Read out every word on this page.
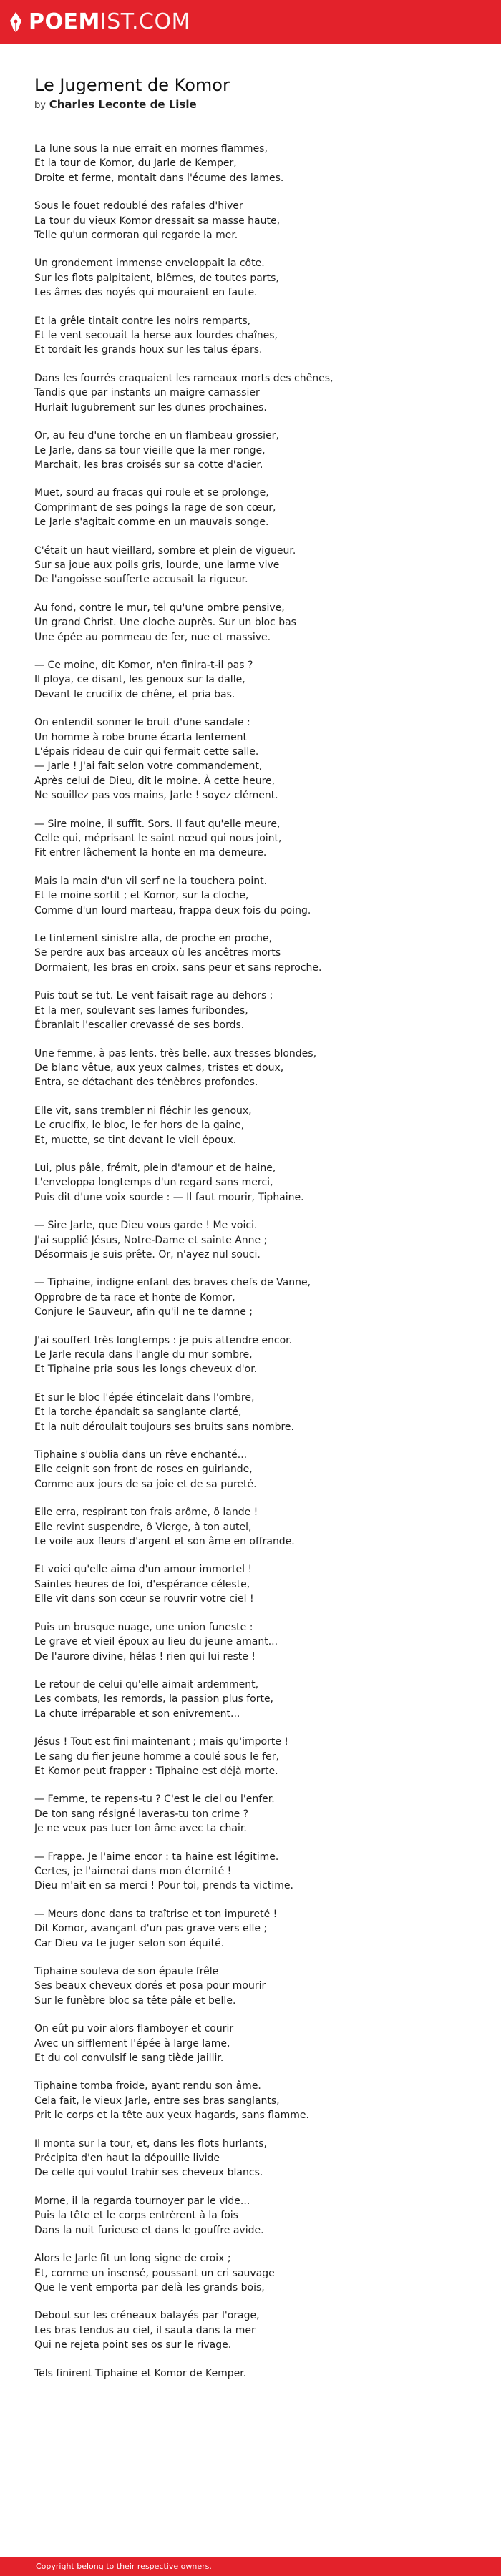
POEMIST.COM
Le Jugement de Komor
by Charles Leconte de Lisle
La lune sous la nue errait en mornes flammes,
Et la tour de Komor, du Jarle de Kemper,
Droite et ferme, montait dans l'écume des lames.
Sous le fouet redoublé des rafales d'hiver
La tour du vieux Komor dressait sa masse haute,
Telle qu'un cormoran qui regarde la mer.
Un grondement immense enveloppait la côte.
Sur les flots palpitaient, blêmes, de toutes parts,
Les âmes des noyés qui mouraient en faute.
Et la grêle tintait contre les noirs remparts,
Et le vent secouait la herse aux lourdes chaînes,
Et tordait les grands houx sur les talus épars.
Dans les fourrés craquaient les rameaux morts des chênes,
Tandis que par instants un maigre carnassier
Hurlait lugubrement sur les dunes prochaines.
Or, au feu d'une torche en un flambeau grossier,
Le Jarle, dans sa tour vieille que la mer ronge,
Marchait, les bras croisés sur sa cotte d'acier.
Muet, sourd au fracas qui roule et se prolonge,
Comprimant de ses poings la rage de son cœur,
Le Jarle s'agitait comme en un mauvais songe.
C'était un haut vieillard, sombre et plein de vigueur.
Sur sa joue aux poils gris, lourde, une larme vive
De l'angoisse soufferte accusait la rigueur.
Au fond, contre le mur, tel qu'une ombre pensive,
Un grand Christ. Une cloche auprès. Sur un bloc bas
Une épée au pommeau de fer, nue et massive.
— Ce moine, dit Komor, n'en finira-t-il pas ?
Il ploya, ce disant, les genoux sur la dalle,
Devant le crucifix de chêne, et pria bas.
On entendit sonner le bruit d'une sandale :
Un homme à robe brune écarta lentement
L'épais rideau de cuir qui fermait cette salle.
— Jarle ! J'ai fait selon votre commandement,
Après celui de Dieu, dit le moine. À cette heure,
Ne souillez pas vos mains, Jarle ! soyez clément.
— Sire moine, il suffit. Sors. Il faut qu'elle meure,
Celle qui, méprisant le saint nœud qui nous joint,
Fit entrer lâchement la honte en ma demeure.
Mais la main d'un vil serf ne la touchera point.
Et le moine sortit ; et Komor, sur la cloche,
Comme d'un lourd marteau, frappa deux fois du poing.
Le tintement sinistre alla, de proche en proche,
Se perdre aux bas arceaux où les ancêtres morts
Dormaient, les bras en croix, sans peur et sans reproche.
Puis tout se tut. Le vent faisait rage au dehors ;
Et la mer, soulevant ses lames furibondes,
Ébranlait l'escalier crevassé de ses bords.
Une femme, à pas lents, très belle, aux tresses blondes,
De blanc vêtue, aux yeux calmes, tristes et doux,
Entra, se détachant des ténèbres profondes.
Elle vit, sans trembler ni fléchir les genoux,
Le crucifix, le bloc, le fer hors de la gaine,
Et, muette, se tint devant le vieil époux.
Lui, plus pâle, frémit, plein d'amour et de haine,
L'enveloppa longtemps d'un regard sans merci,
Puis dit d'une voix sourde : — Il faut mourir, Tiphaine.
— Sire Jarle, que Dieu vous garde ! Me voici.
J'ai supplié Jésus, Notre-Dame et sainte Anne ;
Désormais je suis prête. Or, n'ayez nul souci.
— Tiphaine, indigne enfant des braves chefs de Vanne,
Opprobre de ta race et honte de Komor,
Conjure le Sauveur, afin qu'il ne te damne ;
J'ai souffert très longtemps : je puis attendre encor.
Le Jarle recula dans l'angle du mur sombre,
Et Tiphaine pria sous les longs cheveux d'or.
Et sur le bloc l'épée étincelait dans l'ombre,
Et la torche épandait sa sanglante clarté,
Et la nuit déroulait toujours ses bruits sans nombre.
Tiphaine s'oublia dans un rêve enchanté...
Elle ceignit son front de roses en guirlande,
Comme aux jours de sa joie et de sa pureté.
Elle erra, respirant ton frais arôme, ô lande !
Elle revint suspendre, ô Vierge, à ton autel,
Le voile aux fleurs d'argent et son âme en offrande.
Et voici qu'elle aima d'un amour immortel !
Saintes heures de foi, d'espérance céleste,
Elle vit dans son cœur se rouvrir votre ciel !
Puis un brusque nuage, une union funeste :
Le grave et vieil époux au lieu du jeune amant...
De l'aurore divine, hélas ! rien qui lui reste !
Le retour de celui qu'elle aimait ardemment,
Les combats, les remords, la passion plus forte,
La chute irréparable et son enivrement...
Jésus ! Tout est fini maintenant ; mais qu'importe !
Le sang du fier jeune homme a coulé sous le fer,
Et Komor peut frapper : Tiphaine est déjà morte.
— Femme, te repens-tu ? C'est le ciel ou l'enfer.
De ton sang résigné laveras-tu ton crime ?
Je ne veux pas tuer ton âme avec ta chair.
— Frappe. Je l'aime encor : ta haine est légitime.
Certes, je l'aimerai dans mon éternité !
Dieu m'ait en sa merci ! Pour toi, prends ta victime.
— Meurs donc dans ta traîtrise et ton impureté !
Dit Komor, avançant d'un pas grave vers elle ;
Car Dieu va te juger selon son équité.
Tiphaine souleva de son épaule frêle
Ses beaux cheveux dorés et posa pour mourir
Sur le funèbre bloc sa tête pâle et belle.
On eût pu voir alors flamboyer et courir
Avec un sifflement l'épée à large lame,
Et du col convulsif le sang tiède jaillir.
Tiphaine tomba froide, ayant rendu son âme.
Cela fait, le vieux Jarle, entre ses bras sanglants,
Prit le corps et la tête aux yeux hagards, sans flamme.
Il monta sur la tour, et, dans les flots hurlants,
Précipita d'en haut la dépouille livide
De celle qui voulut trahir ses cheveux blancs.
Morne, il la regarda tournoyer par le vide...
Puis la tête et le corps entrèrent à la fois
Dans la nuit furieuse et dans le gouffre avide.
Alors le Jarle fit un long signe de croix ;
Et, comme un insensé, poussant un cri sauvage
Que le vent emporta par delà les grands bois,
Debout sur les créneaux balayés par l'orage,
Les bras tendus au ciel, il sauta dans la mer
Qui ne rejeta point ses os sur le rivage.
Tels finirent Tiphaine et Komor de Kemper.
Copyright belong to their respective owners.
